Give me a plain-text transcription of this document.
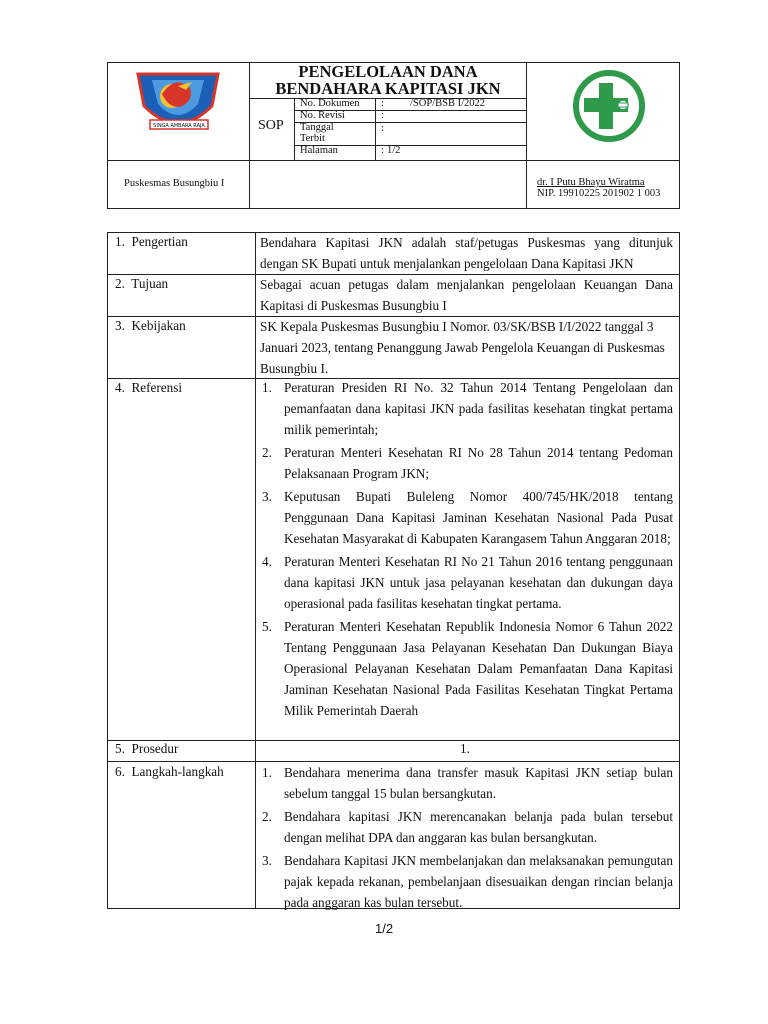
SINGA AMBARA RAJA
PENGELOLAAN DANA
BENDAHARA KAPITASI JKN
SOP
No. Dokumen : /SOP/BSB I/2022
No. Revisi	:
Tanggal Terbit
:
Halaman	: 1/2
Puskesmas Busungbiu I	dr. I Putu Bhayu Wiratma
NIP. 19910225 201902 1 003
1.  Pengertian	Bendahara Kapitasi JKN adalah staf/petugas Puskesmas yang ditunjuk dengan SK Bupati untuk menjalankan pengelolaan Dana Kapitasi JKN
2.  Tujuan	Sebagai acuan petugas dalam menjalankan pengelolaan Keuangan Dana Kapitasi di Puskesmas Busungbiu I
3.  Kebijakan	SK Kepala Puskesmas Busungbiu I Nomor. 03/SK/BSB I/I/2022 tanggal 3 Januari 2023, tentang Penanggung Jawab Pengelola Keuangan di Puskesmas Busungbiu I.
4.  Referensi	1. Peraturan Presiden RI No. 32 Tahun 2014 Tentang Pengelolaan dan pemanfaatan dana kapitasi JKN pada fasilitas kesehatan tingkat pertama milik pemerintah;
2. Peraturan Menteri Kesehatan RI No 28 Tahun 2014 tentang Pedoman Pelaksanaan Program JKN;
3. Keputusan Bupati Buleleng Nomor 400/745/HK/2018 tentang Penggunaan Dana Kapitasi Jaminan Kesehatan Nasional Pada Pusat Kesehatan Masyarakat di Kabupaten Karangasem Tahun Anggaran 2018;
4. Peraturan Menteri Kesehatan RI No 21 Tahun 2016 tentang penggunaan dana kapitasi JKN untuk jasa pelayanan kesehatan dan dukungan daya operasional pada fasilitas kesehatan tingkat pertama.
5. Peraturan Menteri Kesehatan Republik Indonesia Nomor 6 Tahun 2022 Tentang Penggunaan Jasa Pelayanan Kesehatan Dan Dukungan Biaya Operasional Pelayanan Kesehatan Dalam Pemanfaatan Dana Kapitasi Jaminan Kesehatan Nasional Pada Fasilitas Kesehatan Tingkat Pertama Milik Pemerintah Daerah
5.  Prosedur	1.
6.  Langkah-langkah	1. Bendahara menerima dana transfer masuk Kapitasi JKN setiap bulan sebelum tanggal 15 bulan bersangkutan.
2. Bendahara kapitasi JKN merencanakan belanja pada bulan tersebut dengan melihat DPA dan anggaran kas bulan bersangkutan.
3. Bendahara Kapitasi JKN membelanjakan dan melaksanakan pemungutan pajak kepada rekanan, pembelanjaan disesuaikan dengan rincian belanja pada anggaran kas bulan tersebut.
1/2
